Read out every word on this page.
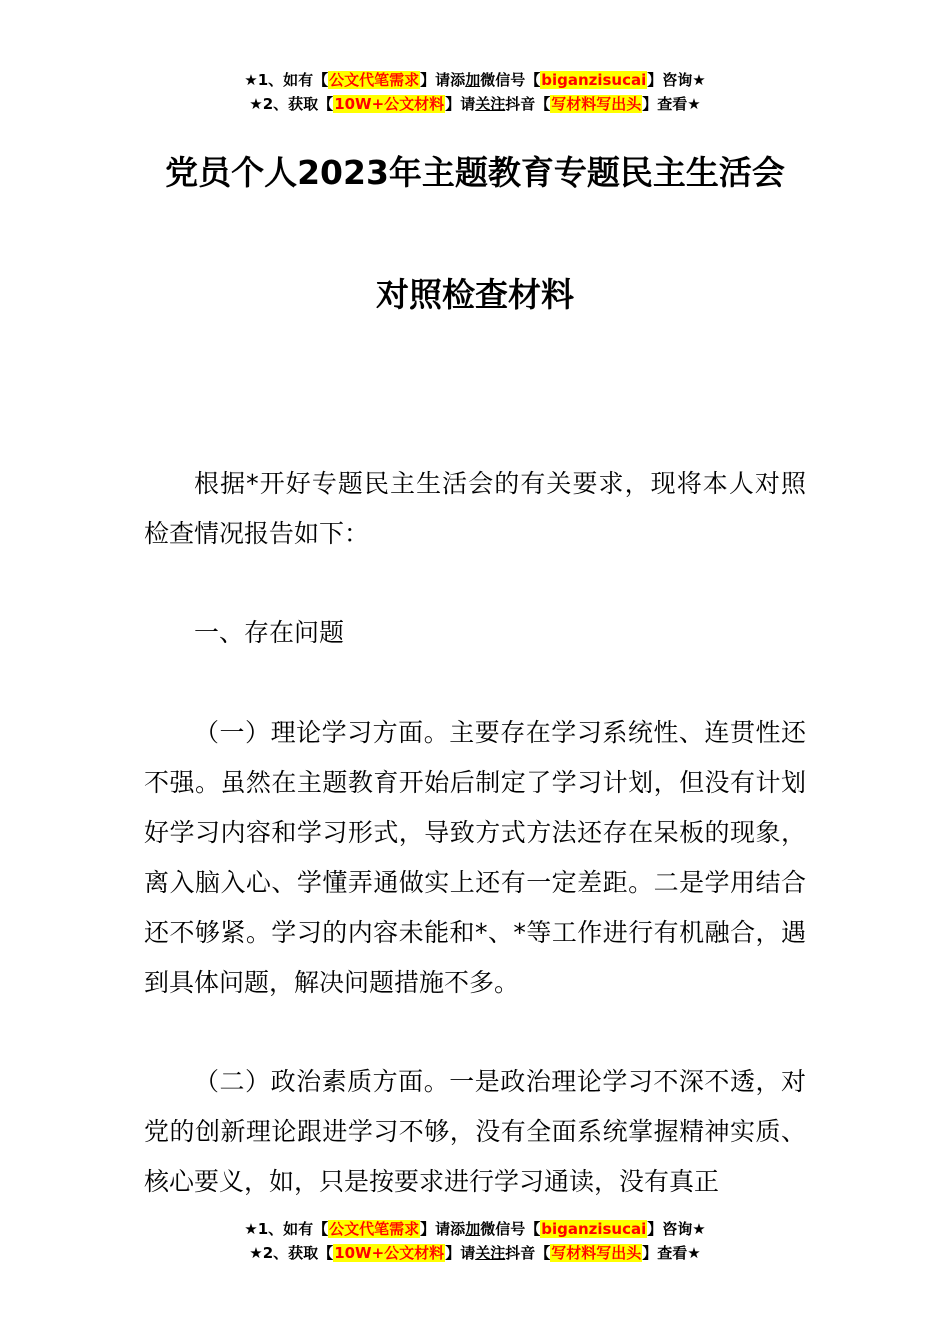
★1、如有【公文代笔需求】请添加微信号【biganzisucai】咨询★
★2、获取【10W+公文材料】请关注抖音【写材料写出头】查看★
党员个人2023年主题教育专题民主生活会
对照检查材料

根据*开好专题民主生活会的有关要求，现将本人对照检查情况报告如下：

一、存在问题

（一）理论学习方面。主要存在学习系统性、连贯性还不强。虽然在主题教育开始后制定了学习计划，但没有计划好学习内容和学习形式，导致方式方法还存在呆板的现象，离入脑入心、学懂弄通做实上还有一定差距。二是学用结合还不够紧。学习的内容未能和*、*等工作进行有机融合，遇到具体问题，解决问题措施不多。

（二）政治素质方面。一是政治理论学习不深不透，对党的创新理论跟进学习不够，没有全面系统掌握精神实质、核心要义，如，只是按要求进行学习通读，没有真正

★1、如有【公文代笔需求】请添加微信号【biganzisucai】咨询★
★2、获取【10W+公文材料】请关注抖音【写材料写出头】查看★
